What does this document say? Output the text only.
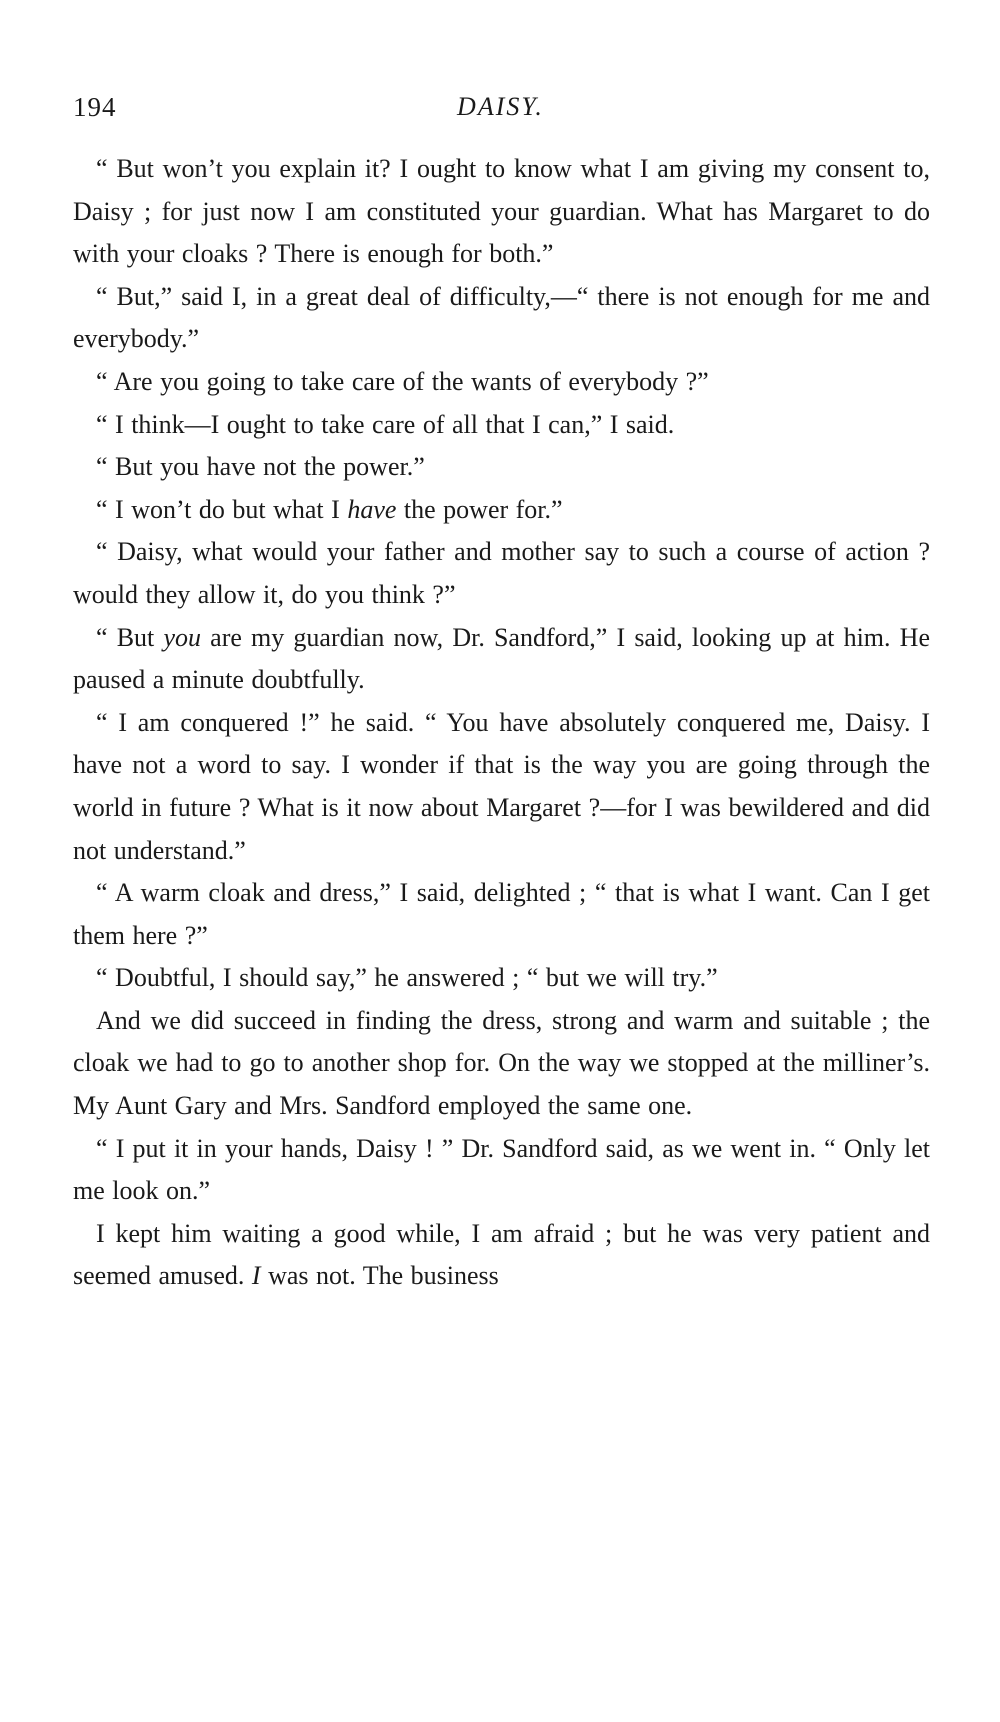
194	DAISY.

“ But won’t you explain it? I ought to know what I am giving my consent to, Daisy ; for just now I am constituted your guardian. What has Margaret to do with your cloaks ? There is enough for both.”

“ But,” said I, in a great deal of difficulty,—“ there is not enough for me and everybody.”

“ Are you going to take care of the wants of everybody ?”

“ I think—I ought to take care of all that I can,” I said.

“ But you have not the power.”

“ I won’t do but what I have the power for.”

“ Daisy, what would your father and mother say to such a course of action ? would they allow it, do you think ?”

“ But you are my guardian now, Dr. Sandford,” I said, looking up at him. He paused a minute doubtfully.

“ I am conquered !” he said. “ You have absolutely conquered me, Daisy. I have not a word to say. I wonder if that is the way you are going through the world in future ? What is it now about Margaret ?—for I was bewildered and did not understand.”

“ A warm cloak and dress,” I said, delighted ; “ that is what I want. Can I get them here ?”

“ Doubtful, I should say,” he answered ; “ but we will try.”

And we did succeed in finding the dress, strong and warm and suitable ; the cloak we had to go to another shop for. On the way we stopped at the milliner’s. My Aunt Gary and Mrs. Sandford employed the same one.

“ I put it in your hands, Daisy ! ” Dr. Sandford said, as we went in. “ Only let me look on.”

I kept him waiting a good while, I am afraid ; but he was very patient and seemed amused. I was not. The business
